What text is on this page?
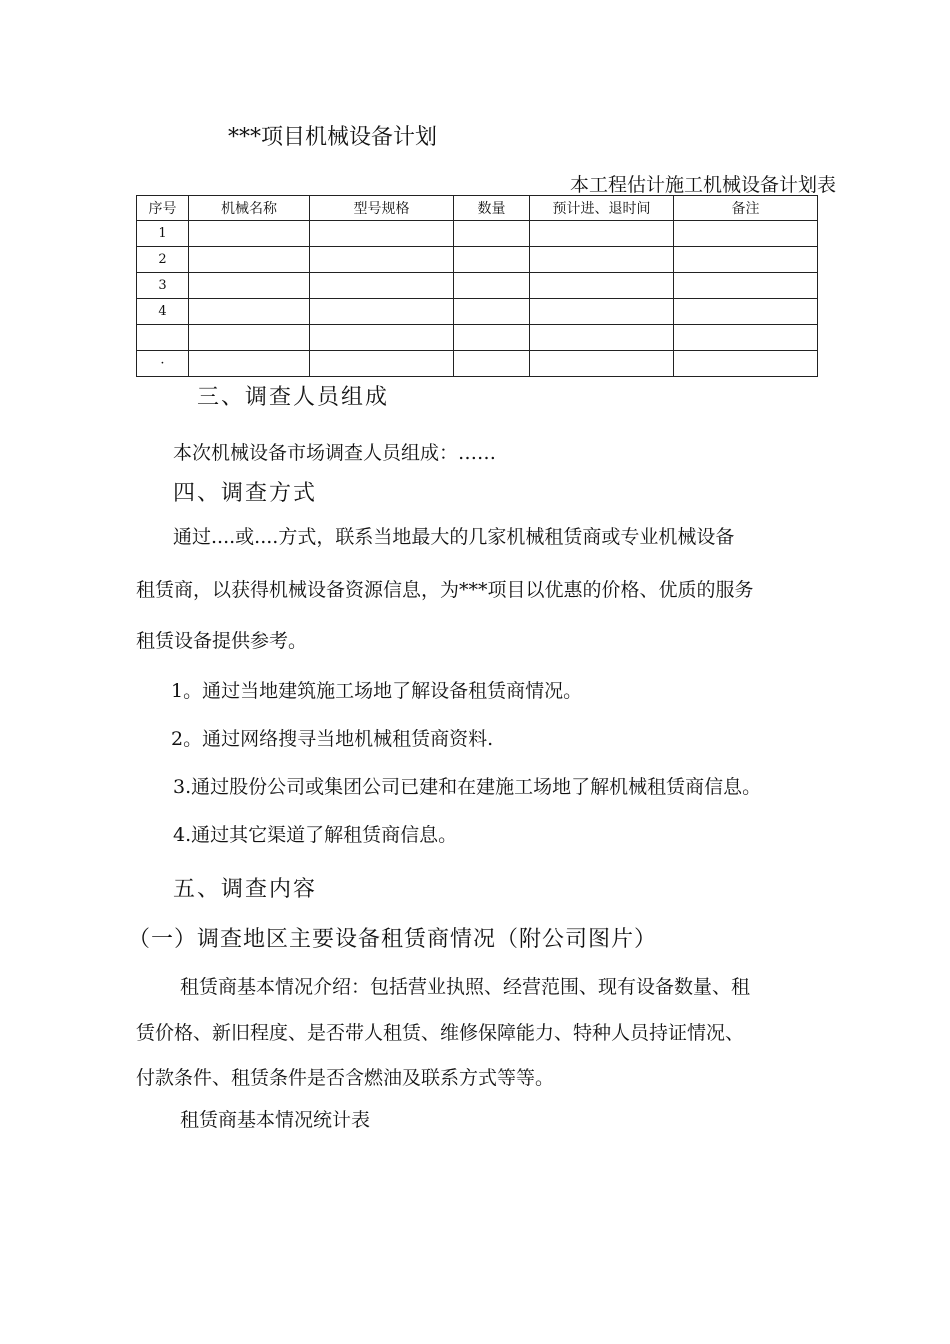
***项目机械设备计划
本工程估计施工机械设备计划表
序号	机械名称	型号规格	数量	预计进、退时间	备注
1					
2					
3					
4					

·					
三、调查人员组成
本次机械设备市场调查人员组成：……
四、调查方式
通过....或....方式，联系当地最大的几家机械租赁商或专业机械设备
租赁商，以获得机械设备资源信息，为***项目以优惠的价格、优质的服务
租赁设备提供参考。
1。通过当地建筑施工场地了解设备租赁商情况。
2。通过网络搜寻当地机械租赁商资料.
3.通过股份公司或集团公司已建和在建施工场地了解机械租赁商信息。
4.通过其它渠道了解租赁商信息。
五、调查内容
（一）调查地区主要设备租赁商情况（附公司图片）
租赁商基本情况介绍：包括营业执照、经营范围、现有设备数量、租
赁价格、新旧程度、是否带人租赁、维修保障能力、特种人员持证情况、
付款条件、租赁条件是否含燃油及联系方式等等。
租赁商基本情况统计表
